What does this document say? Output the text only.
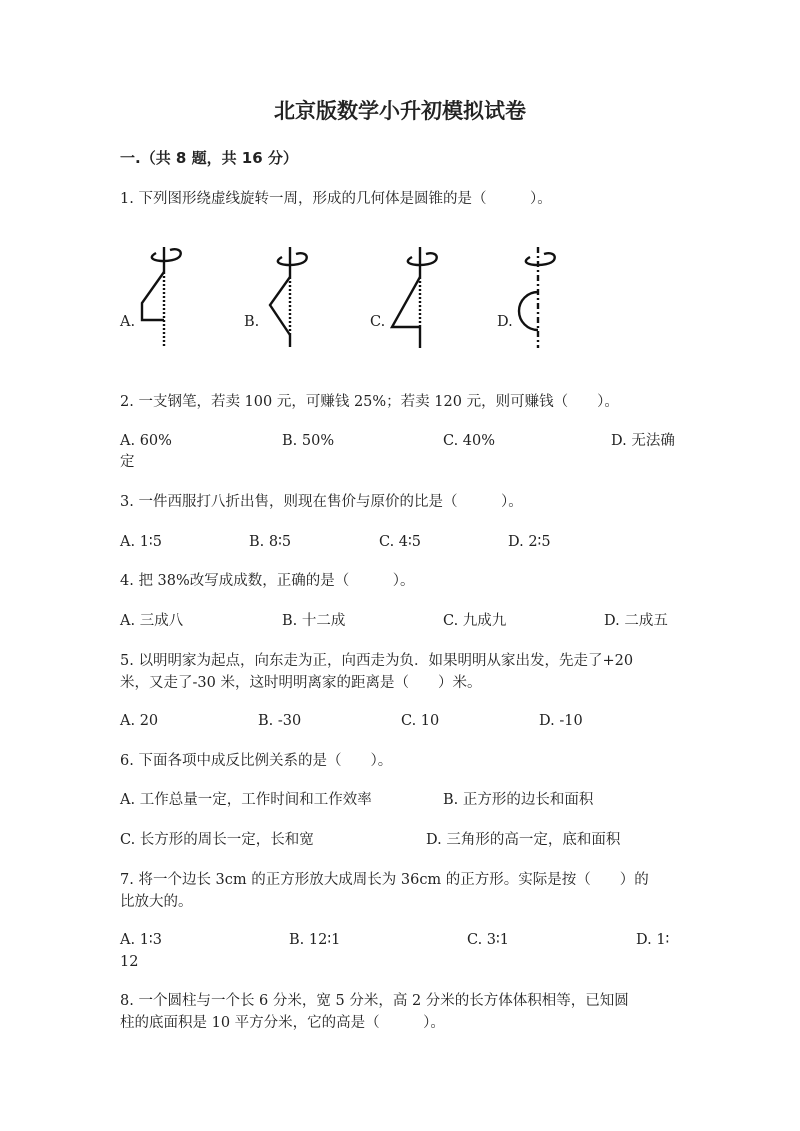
北京版数学小升初模拟试卷
一.（共 8 题，共 16 分）
1. 下列图形绕虚线旋转一周，形成的几何体是圆锥的是（　　　）。
A.	B.	C.	D.
2. 一支钢笔，若卖 100 元，可赚钱 25%；若卖 120 元，则可赚钱（　　）。
A. 60%	B. 50%	C. 40%	D. 无法确
定
3. 一件西服打八折出售，则现在售价与原价的比是（　　　）。
A. 1∶5	B. 8∶5	C. 4∶5	D. 2∶5
4. 把 38%改写成成数，正确的是（　　　）。
A. 三成八	B. 十二成	C. 九成九	D. 二成五
5. 以明明家为起点，向东走为正，向西走为负．如果明明从家出发，先走了+20
米，又走了-30 米，这时明明离家的距离是（　　）米。
A. 20	B. -30	C. 10	D. -10
6. 下面各项中成反比例关系的是（　　）。
A. 工作总量一定，工作时间和工作效率	B. 正方形的边长和面积
C. 长方形的周长一定，长和宽	D. 三角形的高一定，底和面积
7. 将一个边长 3cm 的正方形放大成周长为 36cm 的正方形。实际是按（　　）的
比放大的。
A. 1∶3	B. 12∶1	C. 3∶1	D. 1∶
12
8. 一个圆柱与一个长 6 分米，宽 5 分米，高 2 分米的长方体体积相等，已知圆
柱的底面积是 10 平方分米，它的高是（　　　）。
